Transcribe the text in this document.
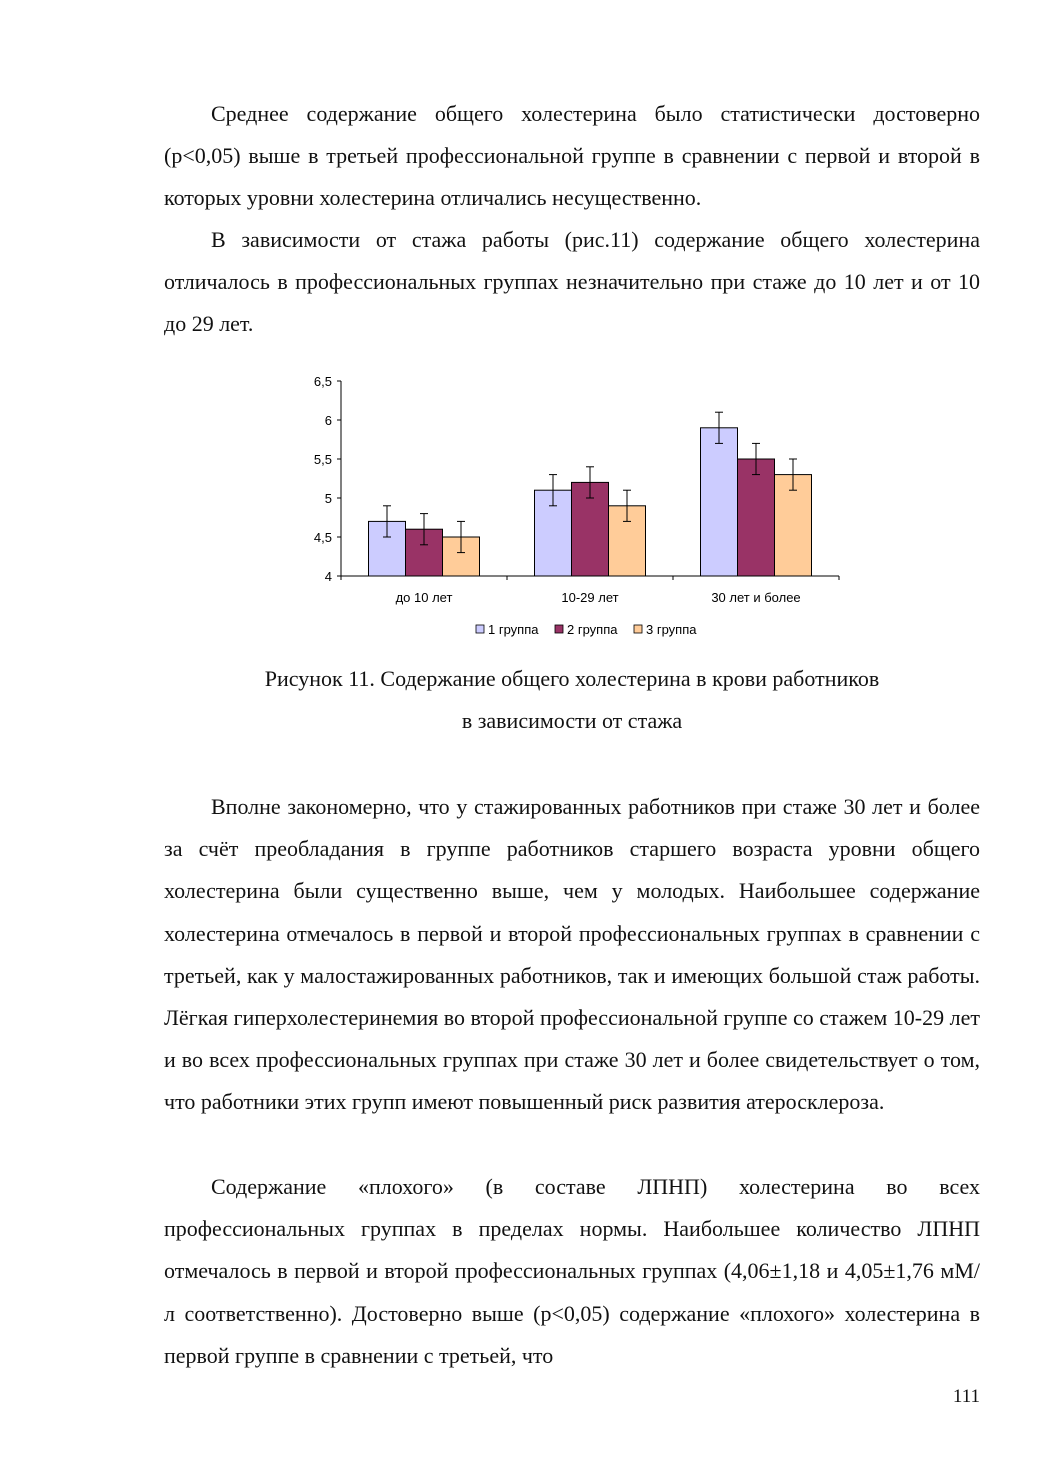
Среднее содержание общего холестерина было статистически достоверно (р<0,05) выше в третьей профессиональной группе в сравнении с первой и второй в которых уровни холестерина отличались несущественно.

В зависимости от стажа работы (рис.11) содержание общего холестерина отличалось в профессиональных группах незначительно при стаже до 10 лет и от 10 до 29 лет.

4
4,5
5
5,5
6
6,5
до 10 лет	10-29 лет	30 лет и более
1 группа 2 группа 3 группа

Рисунок 11. Содержание общего холестерина в крови работников

в зависимости от стажа

Вполне закономерно, что у стажированных работников при стаже 30 лет и более за счёт преобладания в группе работников старшего возраста уровни общего холестерина были существенно выше, чем у молодых. Наибольшее содержание холестерина отмечалось в первой и второй профессиональных группах в сравнении с третьей, как у малостажированных работников, так и имеющих большой стаж работы. Лёгкая гиперхолестеринемия во второй профессиональной группе со стажем 10-29 лет и во всех профессиональных группах при стаже 30 лет и более свидетельствует о том, что работники этих групп имеют повышенный риск развития атеросклероза.

Содержание «плохого» (в составе ЛПНП) холестерина во всех профессиональных группах в пределах нормы. Наибольшее количество ЛПНП отмечалось в первой и второй профессиональных группах (4,06±1,18 и 4,05±1,76 мМ/л соответственно). Достоверно выше (р<0,05) содержание «плохого» холестерина в первой группе в сравнении с третьей, что

111
